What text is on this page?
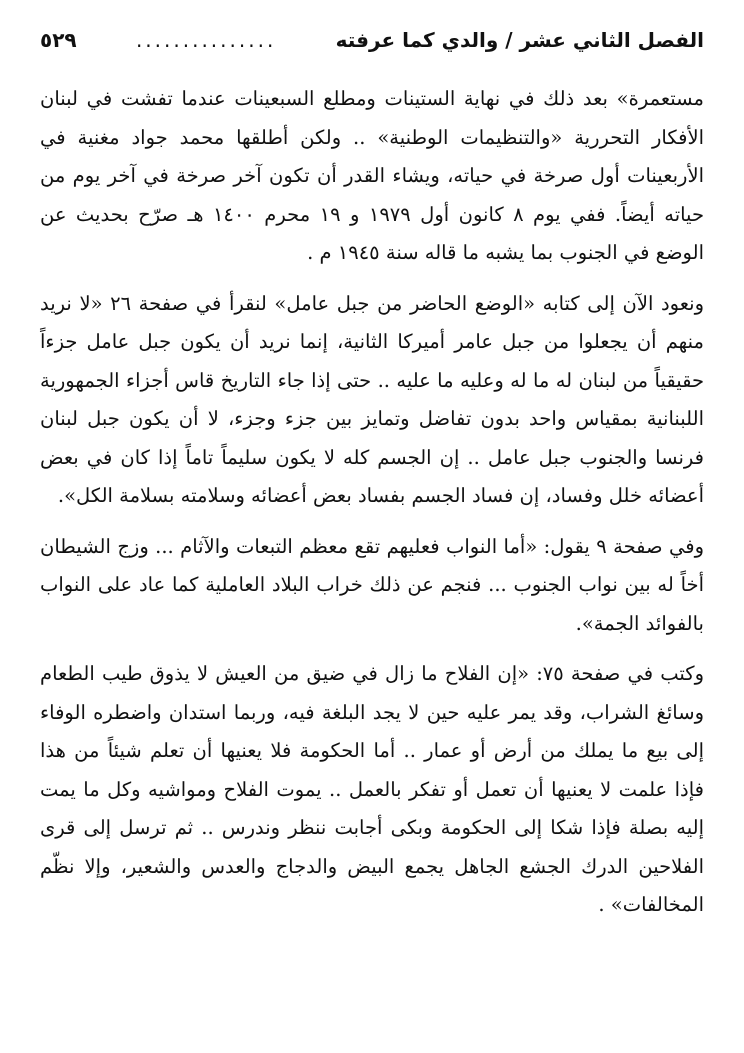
الفصل الثاني عشر / والدي كما عرفته
...............
٥٢٩

مستعمرة» بعد ذلك في نهاية الستينات ومطلع السبعينات عندما تفشت في لبنان الأفكار التحررية «والتنظيمات الوطنية» .. ولكن أطلقها محمد جواد مغنية في الأربعينات أول صرخة في حياته، ويشاء القدر أن تكون آخر صرخة في آخر يوم من حياته أيضاً. ففي يوم ٨ كانون أول ١٩٧٩ و ١٩ محرم ١٤٠٠ هـ صرّح بحديث عن الوضع في الجنوب بما يشبه ما قاله سنة ١٩٤٥ م .

ونعود الآن إلى كتابه «الوضع الحاضر من جبل عامل» لنقرأ في صفحة ٢٦ «لا نريد منهم أن يجعلوا من جبل عامر أميركا الثانية، إنما نريد أن يكون جبل عامل جزءاً حقيقياً من لبنان له ما له وعليه ما عليه .. حتى إذا جاء التاريخ قاس أجزاء الجمهورية اللبنانية بمقياس واحد بدون تفاضل وتمايز بين جزء وجزء، لا أن يكون جبل لبنان فرنسا والجنوب جبل عامل .. إن الجسم كله لا يكون سليماً تاماً إذا كان في بعض أعضائه خلل وفساد، إن فساد الجسم بفساد بعض أعضائه وسلامته بسلامة الكل».

وفي صفحة ٩ يقول: «أما النواب فعليهم تقع معظم التبعات والآثام ... وزج الشيطان أخاً له بين نواب الجنوب ... فنجم عن ذلك خراب البلاد العاملية كما عاد على النواب بالفوائد الجمة».

وكتب في صفحة ٧٥: «إن الفلاح ما زال في ضيق من العيش لا يذوق طيب الطعام وسائغ الشراب، وقد يمر عليه حين لا يجد البلغة فيه، وربما استدان واضطره الوفاء إلى بيع ما يملك من أرض أو عمار .. أما الحكومة فلا يعنيها أن تعلم شيئاً من هذا فإذا علمت لا يعنيها أن تعمل أو تفكر بالعمل .. يموت الفلاح ومواشيه وكل ما يمت إليه بصلة فإذا شكا إلى الحكومة وبكى أجابت ننظر وندرس .. ثم ترسل إلى قرى الفلاحين الدرك الجشع الجاهل يجمع البيض والدجاج والعدس والشعير، وإلا نظّم المخالفات» .
